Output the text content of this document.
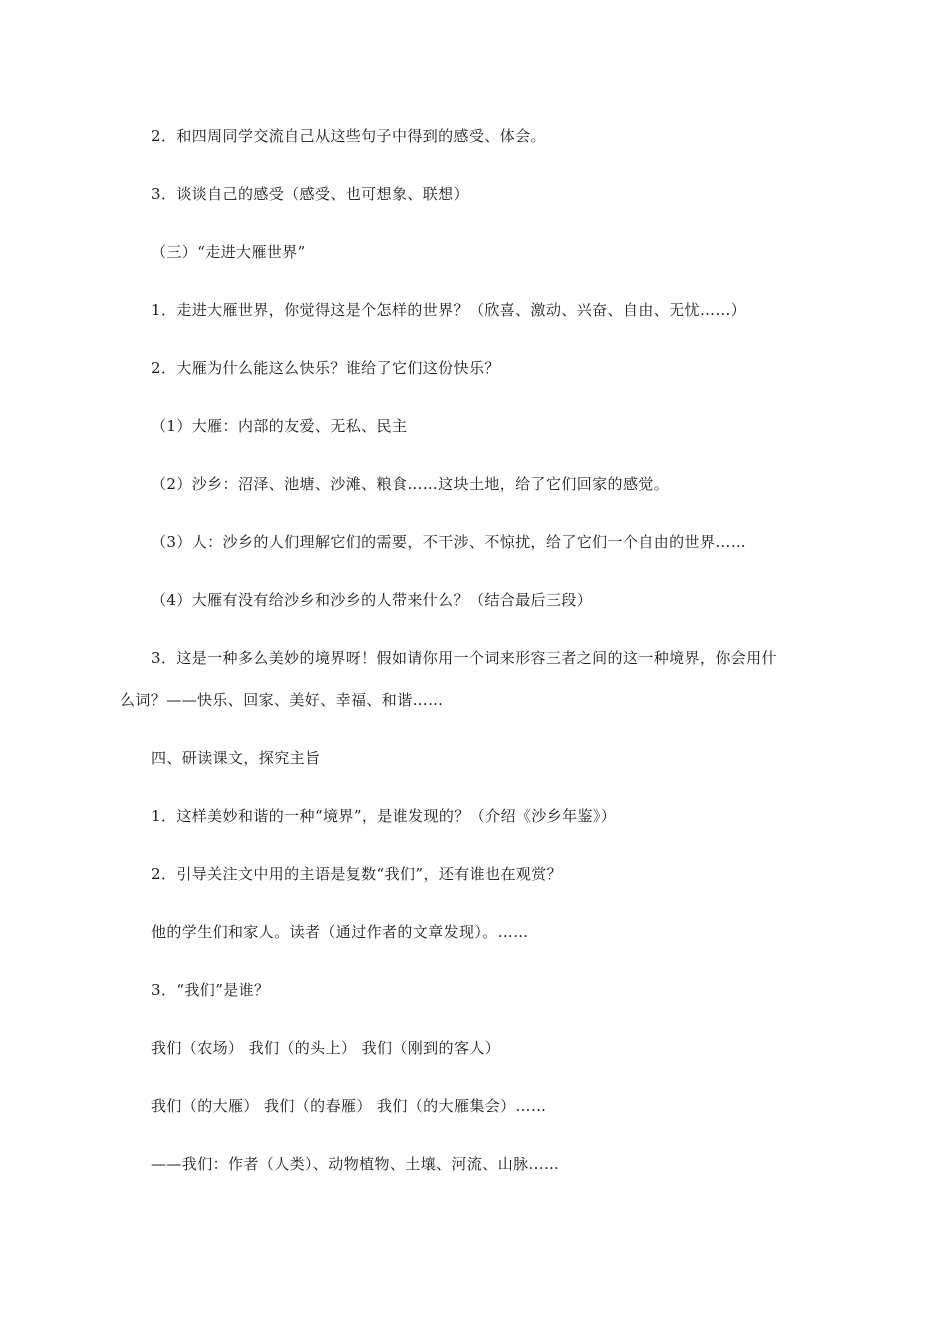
2．和四周同学交流自己从这些句子中得到的感受、体会。
3．谈谈自己的感受（感受、也可想象、联想）
（三）“走进大雁世界”
1．走进大雁世界，你觉得这是个怎样的世界？（欣喜、激动、兴奋、自由、无忧……）
2．大雁为什么能这么快乐？谁给了它们这份快乐？
（1）大雁：内部的友爱、无私、民主
（2）沙乡：沼泽、池塘、沙滩、粮食……这块土地，给了它们回家的感觉。
（3）人：沙乡的人们理解它们的需要，不干涉、不惊扰，给了它们一个自由的世界……
（4）大雁有没有给沙乡和沙乡的人带来什么？（结合最后三段）
3．这是一种多么美妙的境界呀！假如请你用一个词来形容三者之间的这一种境界，你会用什
么词？——快乐、回家、美好、幸福、和谐……
四、研读课文，探究主旨
1．这样美妙和谐的一种“境界”，是谁发现的？（介绍《沙乡年鉴》）
2．引导关注文中用的主语是复数“我们”，还有谁也在观赏？
他的学生们和家人。读者（通过作者的文章发现）。……
3．“我们”是谁？
我们（农场） 我们（的头上） 我们（刚到的客人）
我们（的大雁） 我们（的春雁） 我们（的大雁集会）……
——我们：作者（人类）、动物植物、土壤、河流、山脉……
